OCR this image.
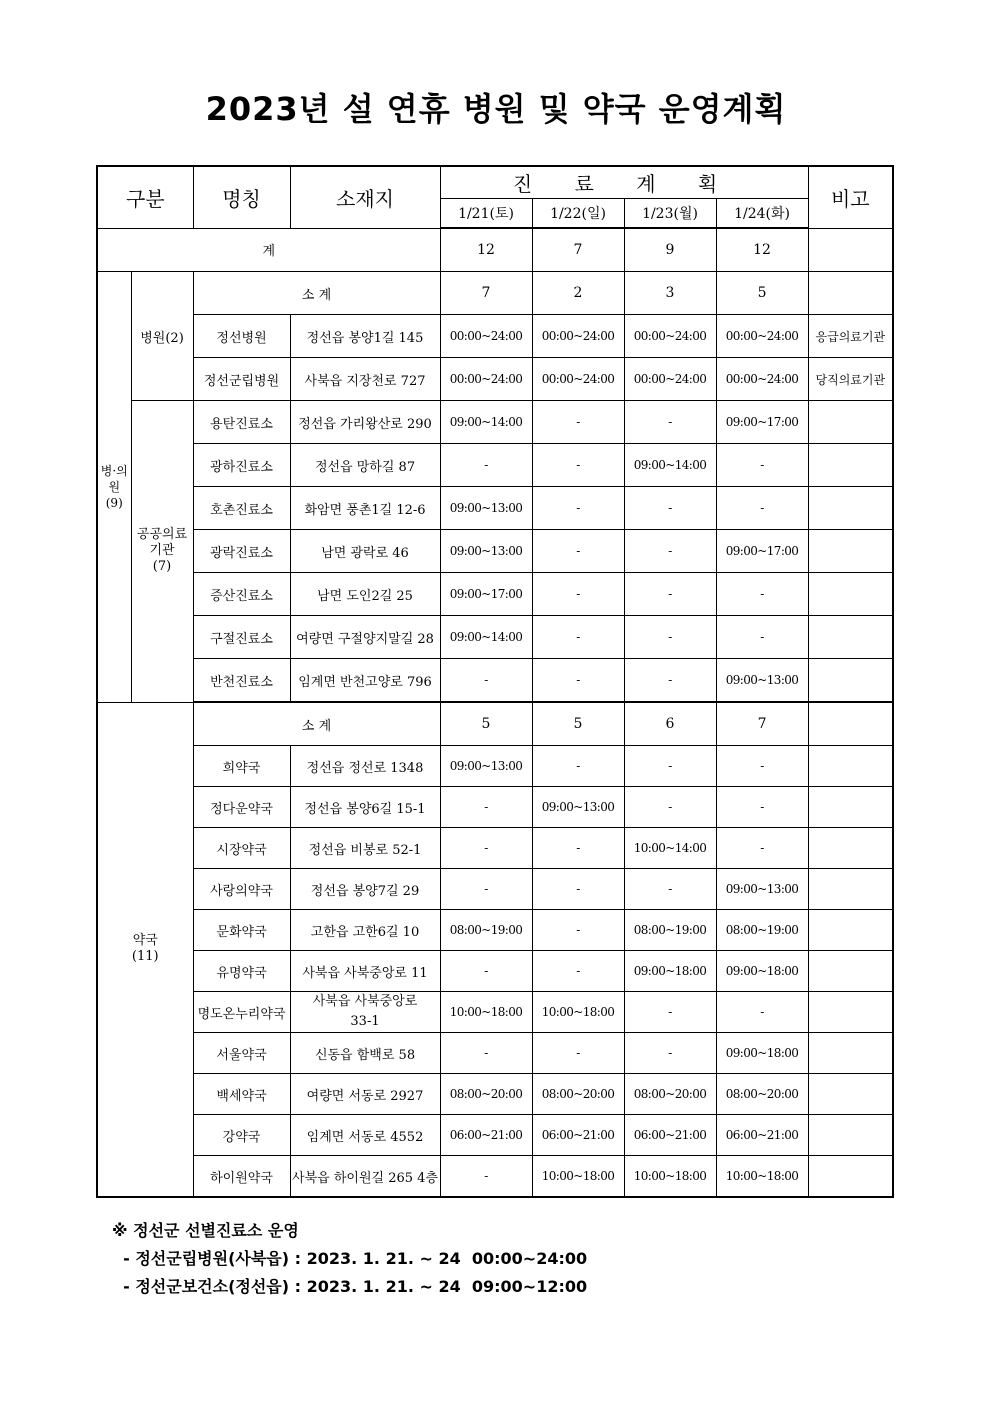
2023년 설 연휴 병원 및 약국 운영계획
구분		명칭	소재지	진 료 계 획				비고
				1/21(토)	1/22(일)	1/23(월)	1/24(화)	
계				12	7	9	12	
병·의원
(9)	병원(2)	소 계		7	2	3	5	
		정선병원	정선읍 봉양1길 145	00:00~24:00	00:00~24:00	00:00~24:00	00:00~24:00	응급의료기관
		정선군립병원	사북읍 지장천로 727	00:00~24:00	00:00~24:00	00:00~24:00	00:00~24:00	당직의료기관
	공공의료
기관
(7)	용탄진료소	정선읍 가리왕산로 290	09:00~14:00	-	-	09:00~17:00	
		광하진료소	정선읍 망하길 87	-	-	09:00~14:00	-	
		호촌진료소	화암면 풍촌1길 12-6	09:00~13:00	-	-	-	
		광락진료소	남면 광락로 46	09:00~13:00	-	-	09:00~17:00	
		증산진료소	남면 도인2길 25	09:00~17:00	-	-	-	
		구절진료소	여량면 구절양지말길 28	09:00~14:00	-	-	-	
		반천진료소	임계면 반천고양로 796	-	-	-	09:00~13:00	
약국
(11)		소 계		5	5	6	7	
		희약국	정선읍 정선로 1348	09:00~13:00	-	-	-	
		정다운약국	정선읍 봉양6길 15-1	-	09:00~13:00	-	-	
		시장약국	정선읍 비봉로 52-1	-	-	10:00~14:00	-	
		사랑의약국	정선읍 봉양7길 29	-	-	-	09:00~13:00	
		문화약국	고한읍 고한6길 10	08:00~19:00	-	08:00~19:00	08:00~19:00	
		유명약국	사북읍 사북중앙로 11	-	-	09:00~18:00	09:00~18:00	
		명도온누리약국	사북읍 사북중앙로
33-1	10:00~18:00	10:00~18:00	-	-	
		서울약국	신동읍 함백로 58	-	-	-	09:00~18:00	
		백세약국	여량면 서동로 2927	08:00~20:00	08:00~20:00	08:00~20:00	08:00~20:00	
		강약국	임계면 서동로 4552	06:00~21:00	06:00~21:00	06:00~21:00	06:00~21:00	
		하이원약국	사북읍 하이원길 265 4층	-	10:00~18:00	10:00~18:00	10:00~18:00	
※ 정선군 선별진료소 운영
- 정선군립병원(사북읍) : 2023. 1. 21. ~ 24  00:00~24:00
- 정선군보건소(정선읍) : 2023. 1. 21. ~ 24  09:00~12:00
